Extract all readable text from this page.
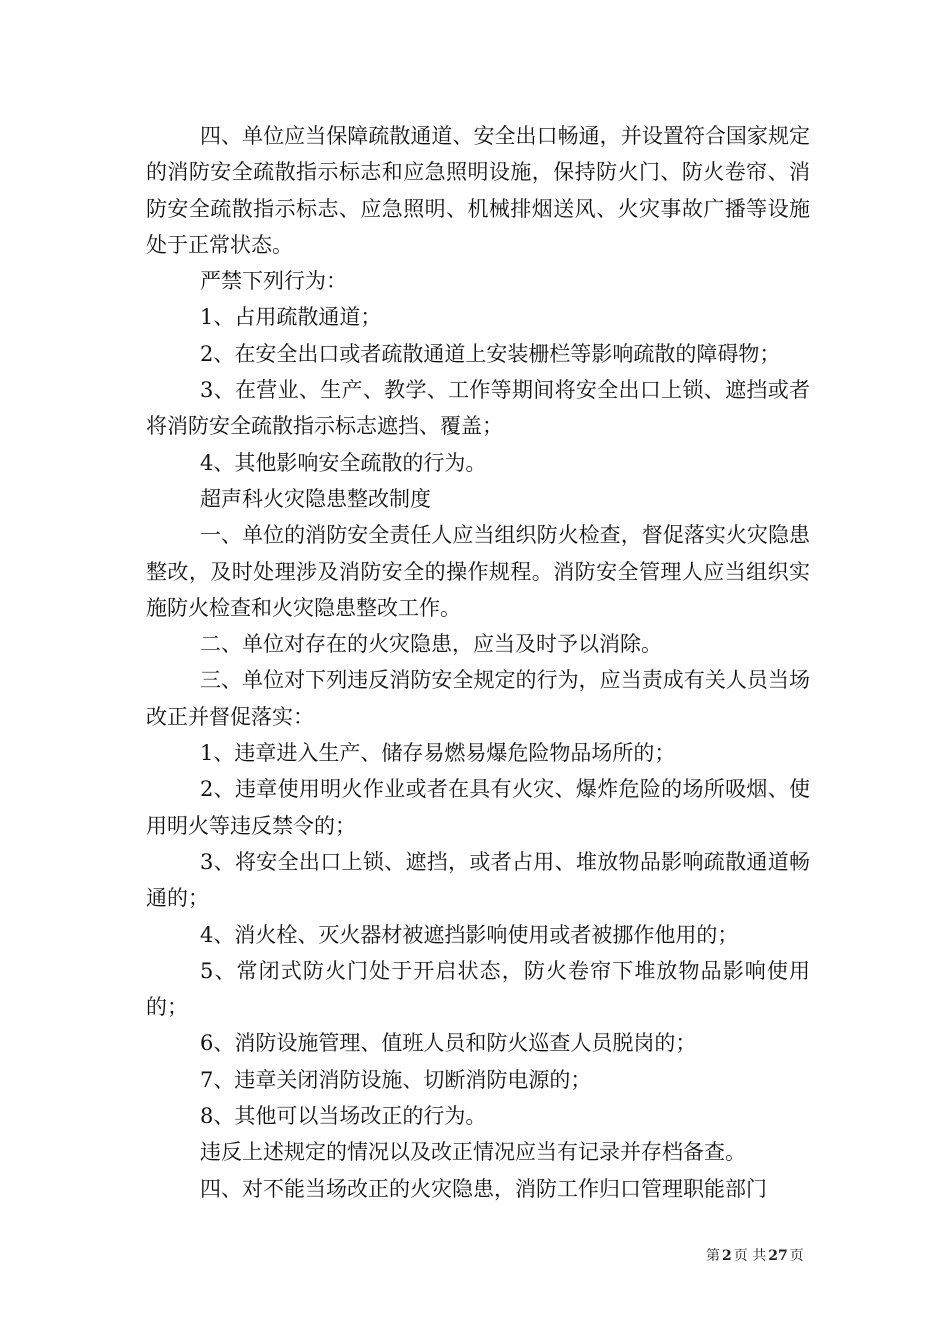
四、单位应当保障疏散通道、安全出口畅通，并设置符合国家规定的消防安全疏散指示标志和应急照明设施，保持防火门、防火卷帘、消防安全疏散指示标志、应急照明、机械排烟送风、火灾事故广播等设施处于正常状态。

严禁下列行为：

1、占用疏散通道；

2、在安全出口或者疏散通道上安装栅栏等影响疏散的障碍物；

3、在营业、生产、教学、工作等期间将安全出口上锁、遮挡或者将消防安全疏散指示标志遮挡、覆盖；

4、其他影响安全疏散的行为。

超声科火灾隐患整改制度

一、单位的消防安全责任人应当组织防火检查，督促落实火灾隐患整改，及时处理涉及消防安全的操作规程。消防安全管理人应当组织实施防火检查和火灾隐患整改工作。

二、单位对存在的火灾隐患，应当及时予以消除。

三、单位对下列违反消防安全规定的行为，应当责成有关人员当场改正并督促落实：

1、违章进入生产、储存易燃易爆危险物品场所的；

2、违章使用明火作业或者在具有火灾、爆炸危险的场所吸烟、使用明火等违反禁令的；

3、将安全出口上锁、遮挡，或者占用、堆放物品影响疏散通道畅通的；

4、消火栓、灭火器材被遮挡影响使用或者被挪作他用的；

5、常闭式防火门处于开启状态，防火卷帘下堆放物品影响使用的；

6、消防设施管理、值班人员和防火巡查人员脱岗的；

7、违章关闭消防设施、切断消防电源的；

8、其他可以当场改正的行为。

违反上述规定的情况以及改正情况应当有记录并存档备查。

四、对不能当场改正的火灾隐患，消防工作归口管理职能部门

第 2 页 共 27 页
